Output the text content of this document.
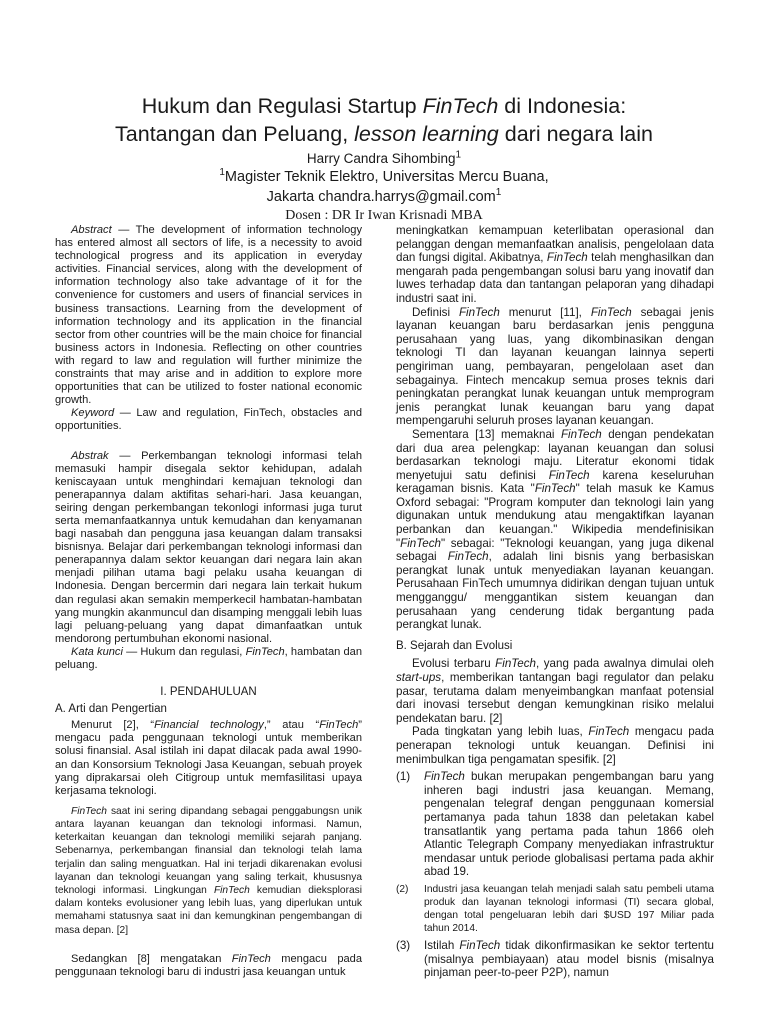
Hukum dan Regulasi Startup FinTech di Indonesia:
Tantangan dan Peluang, lesson learning dari negara lain
Harry Candra Sihombing$^1$
$^1$Magister Teknik Elektro, Universitas Mercu Buana,
Jakarta chandra.harrys@gmail.com$^1$
Dosen : DR Ir Iwan Krisnadi MBA

Abstract — The development of information technology has entered almost all sectors of life, is a necessity to avoid technological progress and its application in everyday activities. Financial services, along with the development of information technology also take advantage of it for the convenience for customers and users of financial services in business transactions. Learning from the development of information technology and its application in the financial sector from other countries will be the main choice for financial business actors in Indonesia. Reflecting on other countries with regard to law and regulation will further minimize the constraints that may arise and in addition to explore more opportunities that can be utilized to foster national economic growth.

Keyword — Law and regulation, FinTech, obstacles and opportunities.

Abstrak — Perkembangan teknologi informasi telah memasuki hampir disegala sektor kehidupan, adalah keniscayaan untuk menghindari kemajuan teknologi dan penerapannya dalam aktifitas sehari-hari. Jasa keuangan, seiring dengan perkembangan tekonlogi informasi juga turut serta memanfaatkannya untuk kemudahan dan kenyamanan bagi nasabah dan pengguna jasa keuangan dalam transaksi bisnisnya. Belajar dari perkembangan teknologi informasi dan penerapannya dalam sektor keuangan dari negara lain akan menjadi pilihan utama bagi pelaku usaha keuangan di Indonesia. Dengan bercermin dari negara lain terkait hukum dan regulasi akan semakin memperkecil hambatan-hambatan yang mungkin akanmuncul dan disamping menggali lebih luas lagi peluang-peluang yang dapat dimanfaatkan untuk mendorong pertumbuhan ekonomi nasional.

Kata kunci — Hukum dan regulasi, FinTech, hambatan dan peluang.

I. PENDAHULUAN
A. Arti dan Pengertian

Menurut [2], “Financial technology,” atau “FinTech” mengacu pada penggunaan teknologi untuk memberikan solusi finansial. Asal istilah ini dapat dilacak pada awal 1990-an dan Konsorsium Teknologi Jasa Keuangan, sebuah proyek yang diprakarsai oleh Citigroup untuk memfasilitasi upaya kerjasama teknologi.

FinTech saat ini sering dipandang sebagai penggabungsn unik antara layanan keuangan dan teknologi informasi. Namun, keterkaitan keuangan dan teknologi memiliki sejarah panjang. Sebenarnya, perkembangan finansial dan teknologi telah lama terjalin dan saling menguatkan. Hal ini terjadi dikarenakan evolusi layanan dan teknologi keuangan yang saling terkait, khususnya teknologi informasi. Lingkungan FinTech kemudian dieksplorasi dalam konteks evolusioner yang lebih luas, yang diperlukan untuk memahami statusnya saat ini dan kemungkinan pengembangan di masa depan. [2]

Sedangkan [8] mengatakan FinTech mengacu pada penggunaan teknologi baru di industri jasa keuangan untuk

meningkatkan kemampuan keterlibatan operasional dan pelanggan dengan memanfaatkan analisis, pengelolaan data dan fungsi digital. Akibatnya, FinTech telah menghasilkan dan mengarah pada pengembangan solusi baru yang inovatif dan luwes terhadap data dan tantangan pelaporan yang dihadapi industri saat ini.

Definisi FinTech menurut [11], FinTech sebagai jenis layanan keuangan baru berdasarkan jenis pengguna perusahaan yang luas, yang dikombinasikan dengan teknologi TI dan layanan keuangan lainnya seperti pengiriman uang, pembayaran, pengelolaan aset dan sebagainya. Fintech mencakup semua proses teknis dari peningkatan perangkat lunak keuangan untuk memprogram jenis perangkat lunak keuangan baru yang dapat mempengaruhi seluruh proses layanan keuangan.

Sementara [13] memaknai FinTech dengan pendekatan dari dua area pelengkap: layanan keuangan dan solusi berdasarkan teknologi maju. Literatur ekonomi tidak menyetujui satu definisi FinTech karena keseluruhan keragaman bisnis. Kata "FinTech" telah masuk ke Kamus Oxford sebagai: "Program komputer dan teknologi lain yang digunakan untuk mendukung atau mengaktifkan layanan perbankan dan keuangan." Wikipedia mendefinisikan "FinTech" sebagai: "Teknologi keuangan, yang juga dikenal sebagai FinTech, adalah lini bisnis yang berbasiskan perangkat lunak untuk menyediakan layanan keuangan. Perusahaan FinTech umumnya didirikan dengan tujuan untuk mengganggu/ menggantikan sistem keuangan dan perusahaan yang cenderung tidak bergantung pada perangkat lunak.

B. Sejarah dan Evolusi

Evolusi terbaru FinTech, yang pada awalnya dimulai oleh start-ups, memberikan tantangan bagi regulator dan pelaku pasar, terutama dalam menyeimbangkan manfaat potensial dari inovasi tersebut dengan kemungkinan risiko melalui pendekatan baru. [2]

Pada tingkatan yang lebih luas, FinTech mengacu pada penerapan teknologi untuk keuangan. Definisi ini menimbulkan tiga pengamatan spesifik. [2]

(1)	FinTech bukan merupakan pengembangan baru yang inheren bagi industri jasa keuangan. Memang, pengenalan telegraf dengan penggunaan komersial pertamanya pada tahun 1838 dan peletakan kabel transatlantik yang pertama pada tahun 1866 oleh Atlantic Telegraph Company menyediakan infrastruktur mendasar untuk periode globalisasi pertama pada akhir abad 19.
(2)	Industri jasa keuangan telah menjadi salah satu pembeli utama produk dan layanan teknologi informasi (TI) secara global, dengan total pengeluaran lebih dari $USD 197 Miliar pada tahun 2014.
(3)	Istilah FinTech tidak dikonfirmasikan ke sektor tertentu (misalnya pembiayaan) atau model bisnis (misalnya pinjaman peer-to-peer P2P), namun
